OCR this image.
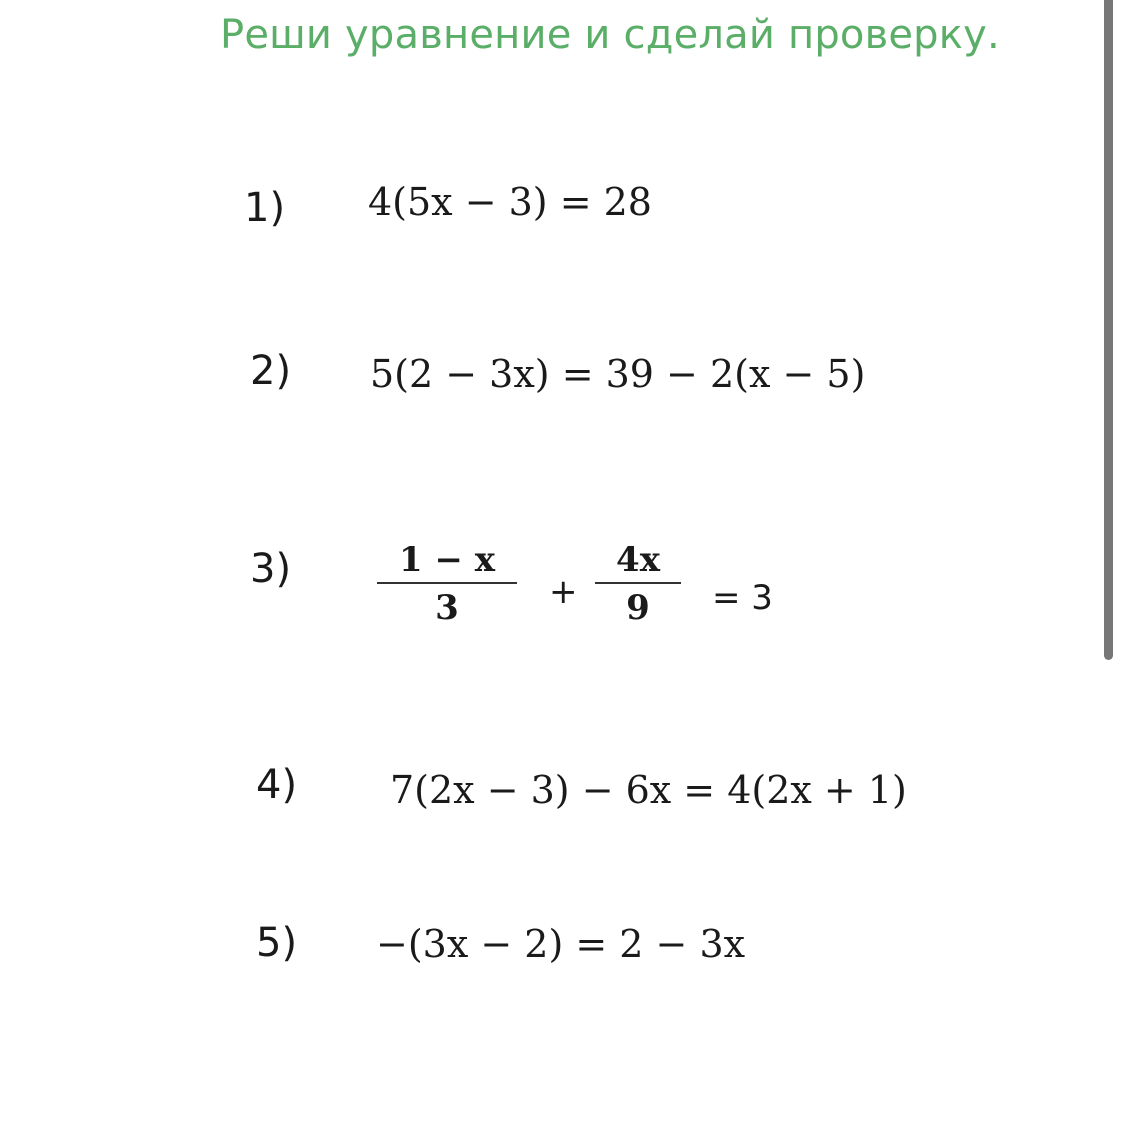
Реши уравнение и сделай проверку.
1) 4(5x − 3) = 28
2) 5(2 − 3x) = 39 − 2(x − 5)
3)	1 − x
3	+
4x
9	= 3
4) 7(2x − 3) − 6x = 4(2x + 1)
5) −(3x − 2) = 2 − 3x
